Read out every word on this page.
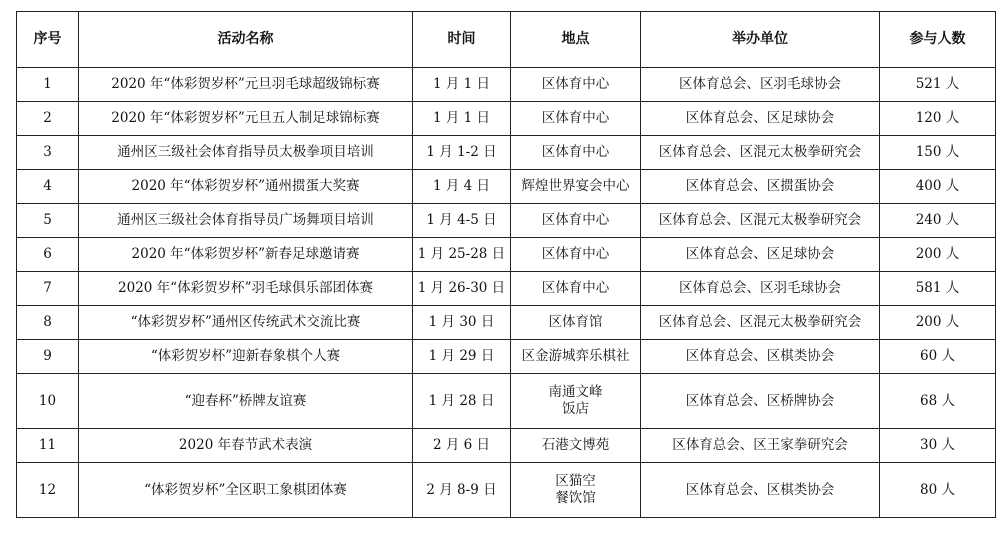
序号	活动名称	时间	地点	举办单位	参与人数
1	2020 年“体彩贺岁杯”元旦羽毛球超级锦标赛	1 月 1 日	区体育中心	区体育总会、区羽毛球协会	521 人
2	2020 年“体彩贺岁杯”元旦五人制足球锦标赛	1 月 1 日	区体育中心	区体育总会、区足球协会	120 人
3	通州区三级社会体育指导员太极拳项目培训	1 月 1-2 日	区体育中心	区体育总会、区混元太极拳研究会	150 人
4	2020 年“体彩贺岁杯”通州掼蛋大奖赛	1 月 4 日	辉煌世界宴会中心	区体育总会、区掼蛋协会	400 人
5	通州区三级社会体育指导员广场舞项目培训	1 月 4-5 日	区体育中心	区体育总会、区混元太极拳研究会	240 人
6	2020 年“体彩贺岁杯”新春足球邀请赛	1 月 25-28 日	区体育中心	区体育总会、区足球协会	200 人
7	2020 年“体彩贺岁杯”羽毛球俱乐部团体赛	1 月 26-30 日	区体育中心	区体育总会、区羽毛球协会	581 人
8	“体彩贺岁杯”通州区传统武术交流比赛	1 月 30 日	区体育馆	区体育总会、区混元太极拳研究会	200 人
9	“体彩贺岁杯”迎新春象棋个人赛	1 月 29 日	区金游城弈乐棋社	区体育总会、区棋类协会	60 人
10	“迎春杯”桥牌友谊赛	1 月 28 日	南通文峰饭店	区体育总会、区桥牌协会	68 人
11	2020 年春节武术表演	2 月 6 日	石港文博苑	区体育总会、区王家拳研究会	30 人
12	“体彩贺岁杯”全区职工象棋团体赛	2 月 8-9 日	区猫空餐饮馆	区体育总会、区棋类协会	80 人
